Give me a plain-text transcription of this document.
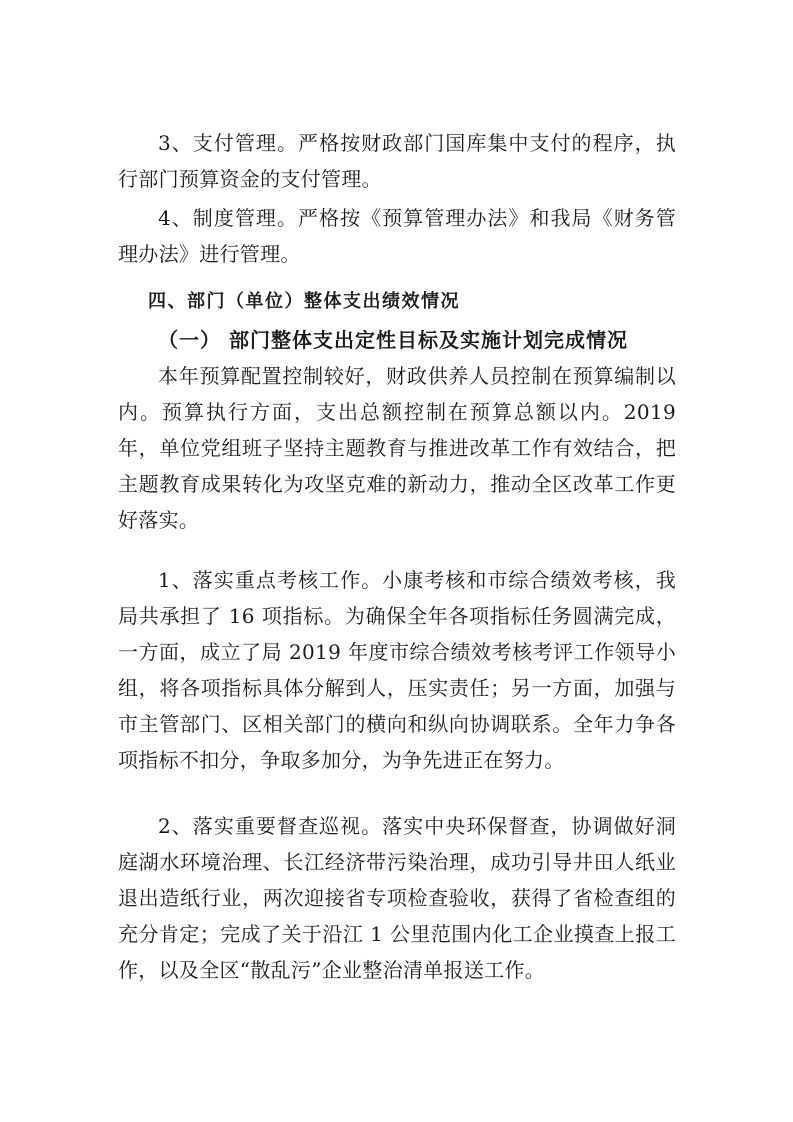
3、支付管理。严格按财政部门国库集中支付的程序，执行部门预算资金的支付管理。

4、制度管理。严格按《预算管理办法》和我局《财务管理办法》进行管理。

四、部门（单位）整体支出绩效情况

（一） 部门整体支出定性目标及实施计划完成情况

本年预算配置控制较好，财政供养人员控制在预算编制以内。预算执行方面，支出总额控制在预算总额以内。2019 年，单位党组班子坚持主题教育与推进改革工作有效结合，把主题教育成果转化为攻坚克难的新动力，推动全区改革工作更好落实。

1、落实重点考核工作。小康考核和市综合绩效考核，我局共承担了 16 项指标。为确保全年各项指标任务圆满完成，一方面，成立了局 2019 年度市综合绩效考核考评工作领导小组，将各项指标具体分解到人，压实责任；另一方面，加强与市主管部门、区相关部门的横向和纵向协调联系。全年力争各项指标不扣分，争取多加分，为争先进正在努力。

2、落实重要督查巡视。落实中央环保督查，协调做好洞庭湖水环境治理、长江经济带污染治理，成功引导井田人纸业退出造纸行业，两次迎接省专项检查验收，获得了省检查组的充分肯定；完成了关于沿江 1 公里范围内化工企业摸查上报工作，以及全区“散乱污”企业整治清单报送工作。
